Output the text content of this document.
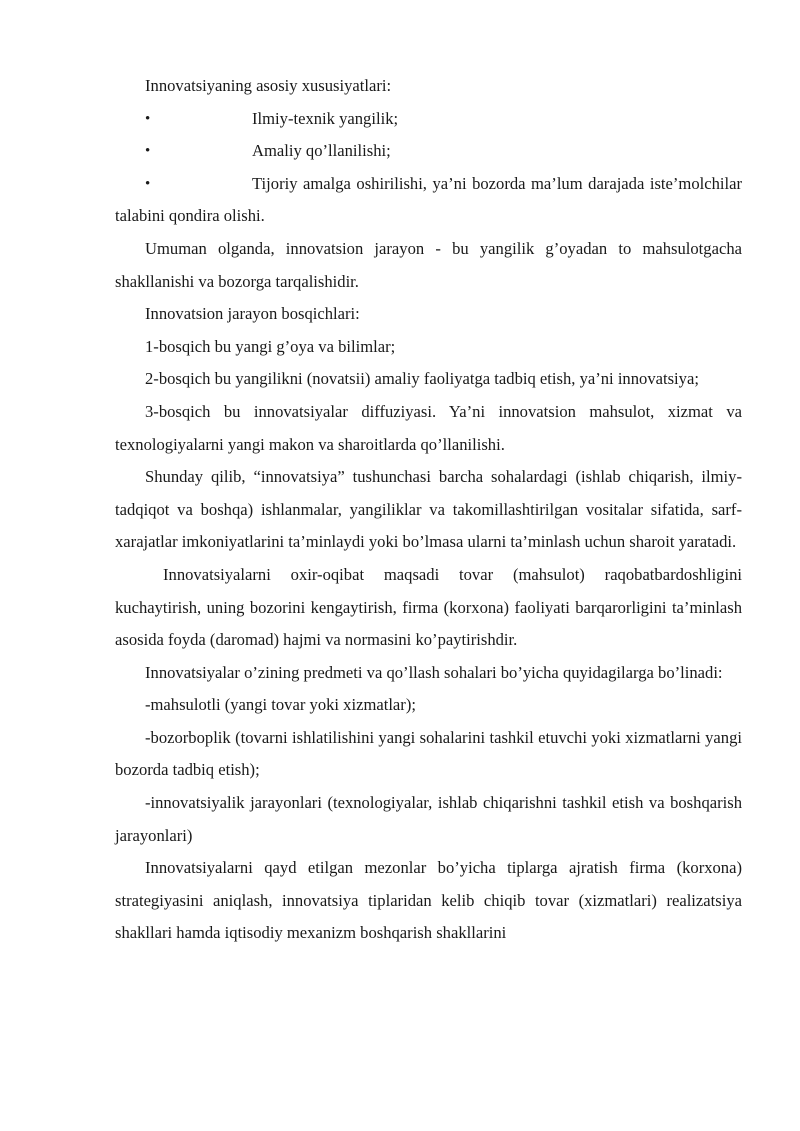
Innovatsiyaning asosiy xususiyatlari:

•	Ilmiy-texnik yangilik;

•	Amaliy qo’llanilishi;

•	Tijoriy amalga oshirilishi, ya’ni bozorda ma’lum darajada iste’molchilar talabini qondira olishi.

Umuman olganda, innovatsion jarayon - bu yangilik g’oyadan to mahsulotgacha shakllanishi va bozorga tarqalishidir.

Innovatsion jarayon bosqichlari:

1-bosqich bu yangi g’oya va bilimlar;

2-bosqich bu yangilikni (novatsii) amaliy faoliyatga tadbiq etish, ya’ni innovatsiya;

3-bosqich bu innovatsiyalar diffuziyasi. Ya’ni innovatsion mahsulot, xizmat va texnologiyalarni yangi makon va sharoitlarda qo’llanilishi.

Shunday qilib, “innovatsiya” tushunchasi barcha sohalardagi (ishlab chiqarish, ilmiy-tadqiqot va boshqa) ishlanmalar, yangiliklar va takomillashtirilgan vositalar sifatida, sarf-xarajatlar imkoniyatlarini ta’minlaydi yoki bo’lmasa ularni ta’minlash uchun sharoit yaratadi.

Innovatsiyalarni oxir-oqibat maqsadi tovar (mahsulot) raqobatbardoshligini kuchaytirish, uning bozorini kengaytirish, firma (korxona) faoliyati barqarorligini ta’minlash asosida foyda (daromad) hajmi va normasini ko’paytirishdir.

Innovatsiyalar o’zining predmeti va qo’llash sohalari bo’yicha quyidagilarga bo’linadi:

-mahsulotli (yangi tovar yoki xizmatlar);

-bozorboplik (tovarni ishlatilishini yangi sohalarini tashkil etuvchi yoki xizmatlarni yangi bozorda tadbiq etish);

-innovatsiyalik jarayonlari (texnologiyalar, ishlab chiqarishni tashkil etish va boshqarish jarayonlari)

Innovatsiyalarni qayd etilgan mezonlar bo’yicha tiplarga ajratish firma (korxona) strategiyasini aniqlash, innovatsiya tiplaridan kelib chiqib tovar (xizmatlari) realizatsiya shakllari hamda iqtisodiy mexanizm boshqarish shakllarini
